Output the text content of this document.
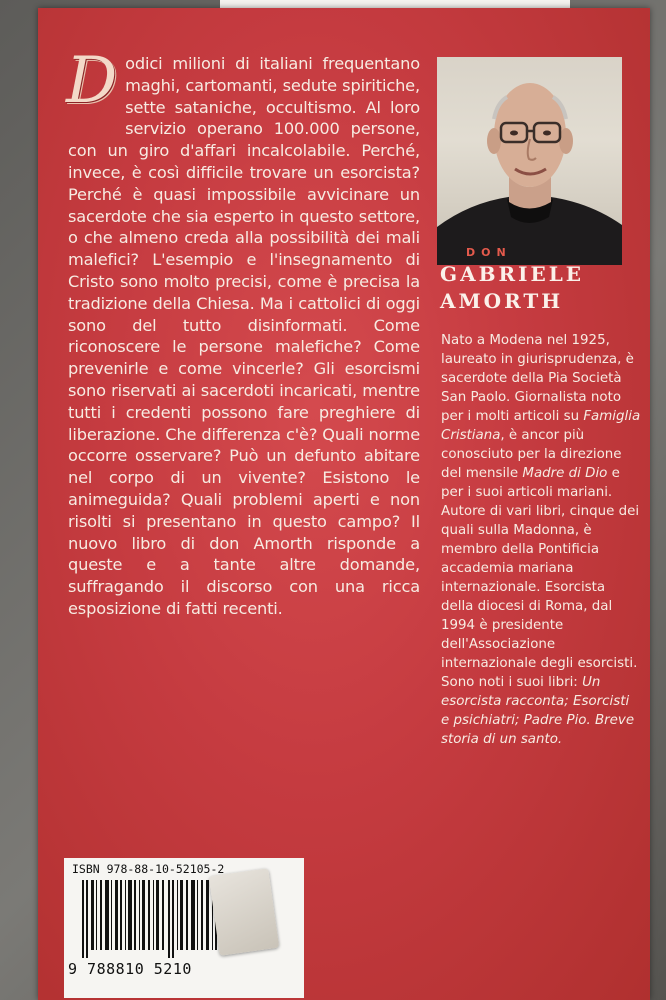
D odici milioni di italiani frequentano maghi, cartomanti, sedute spiritiche, sette sataniche, occultismo. Al loro servizio operano 100.000 persone, con un giro d'affari incalcolabile. Perché, invece, è così difficile trovare un esorcista? Perché è quasi impossibile avvicinare un sacerdote che sia esperto in questo settore, o che almeno creda alla possibilità dei mali malefici? L'esempio e l'insegnamento di Cristo sono molto precisi, come è precisa la tradizione della Chiesa. Ma i cattolici di oggi sono del tutto disinformati. Come riconoscere le persone malefiche? Come prevenirle e come vincerle? Gli esorcismi sono riservati ai sacerdoti incaricati, mentre tutti i credenti possono fare preghiere di liberazione. Che differenza c'è? Quali norme occorre osservare? Può un defunto abitare nel corpo di un vivente? Esistono le animeguida? Quali problemi aperti e non risolti si presentano in questo campo? Il nuovo libro di don Amorth risponde a queste e a tante altre domande, suffragando il discorso con una ricca esposizione di fatti recenti.
DON
GABRIELE
AMORTH
Nato a Modena nel 1925, laureato in giurisprudenza, è sacerdote della Pia Società San Paolo. Giornalista noto per i molti articoli su Famiglia Cristiana, è ancor più conosciuto per la direzione del mensile Madre di Dio e per i suoi articoli mariani. Autore di vari libri, cinque dei quali sulla Madonna, è membro della Pontificia accademia mariana internazionale. Esorcista della diocesi di Roma, dal 1994 è presidente dell'Associazione internazionale degli esorcisti. Sono noti i suoi libri: Un esorcista racconta; Esorcisti e psichiatri; Padre Pio. Breve storia di un santo.
ISBN 978-88-10-52105-2
9 788810 5210
